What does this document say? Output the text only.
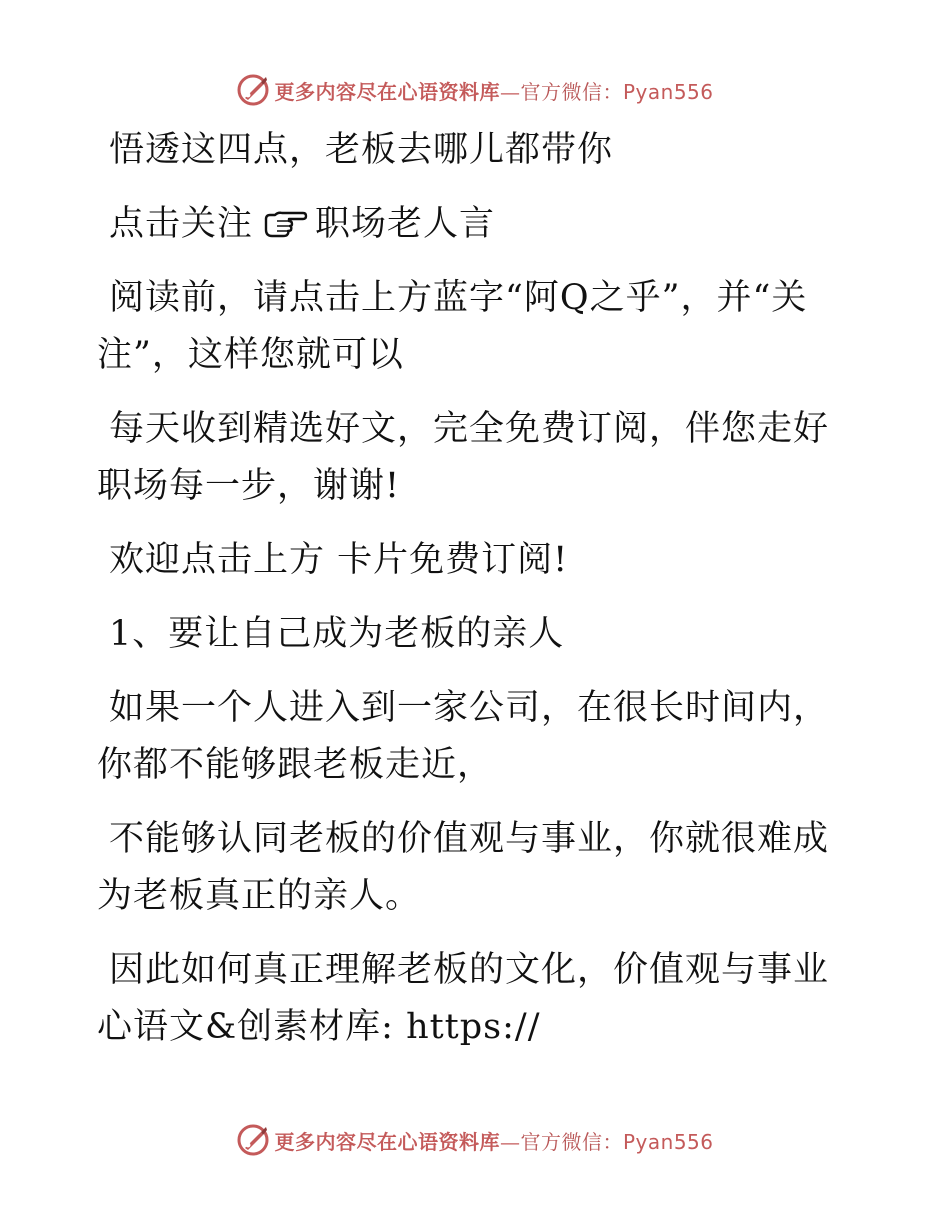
更多内容尽在心语资料库—官方微信：Pyan556

悟透这四点，老板去哪儿都带你

点击关注 职场老人言

阅读前，请点击上方蓝字“阿Q之乎”，并“关注”，这样您就可以

每天收到精选好文，完全免费订阅，伴您走好职场每一步，谢谢!

欢迎点击上方 卡片免费订阅!

1、要让自己成为老板的亲人

如果一个人进入到一家公司，在很长时间内，你都不能够跟老板走近，

不能够认同老板的价值观与事业，你就很难成为老板真正的亲人。

因此如何真正理解老板的文化，价值观与事业心语文&创素材库: https://

更多内容尽在心语资料库—官方微信：Pyan556
